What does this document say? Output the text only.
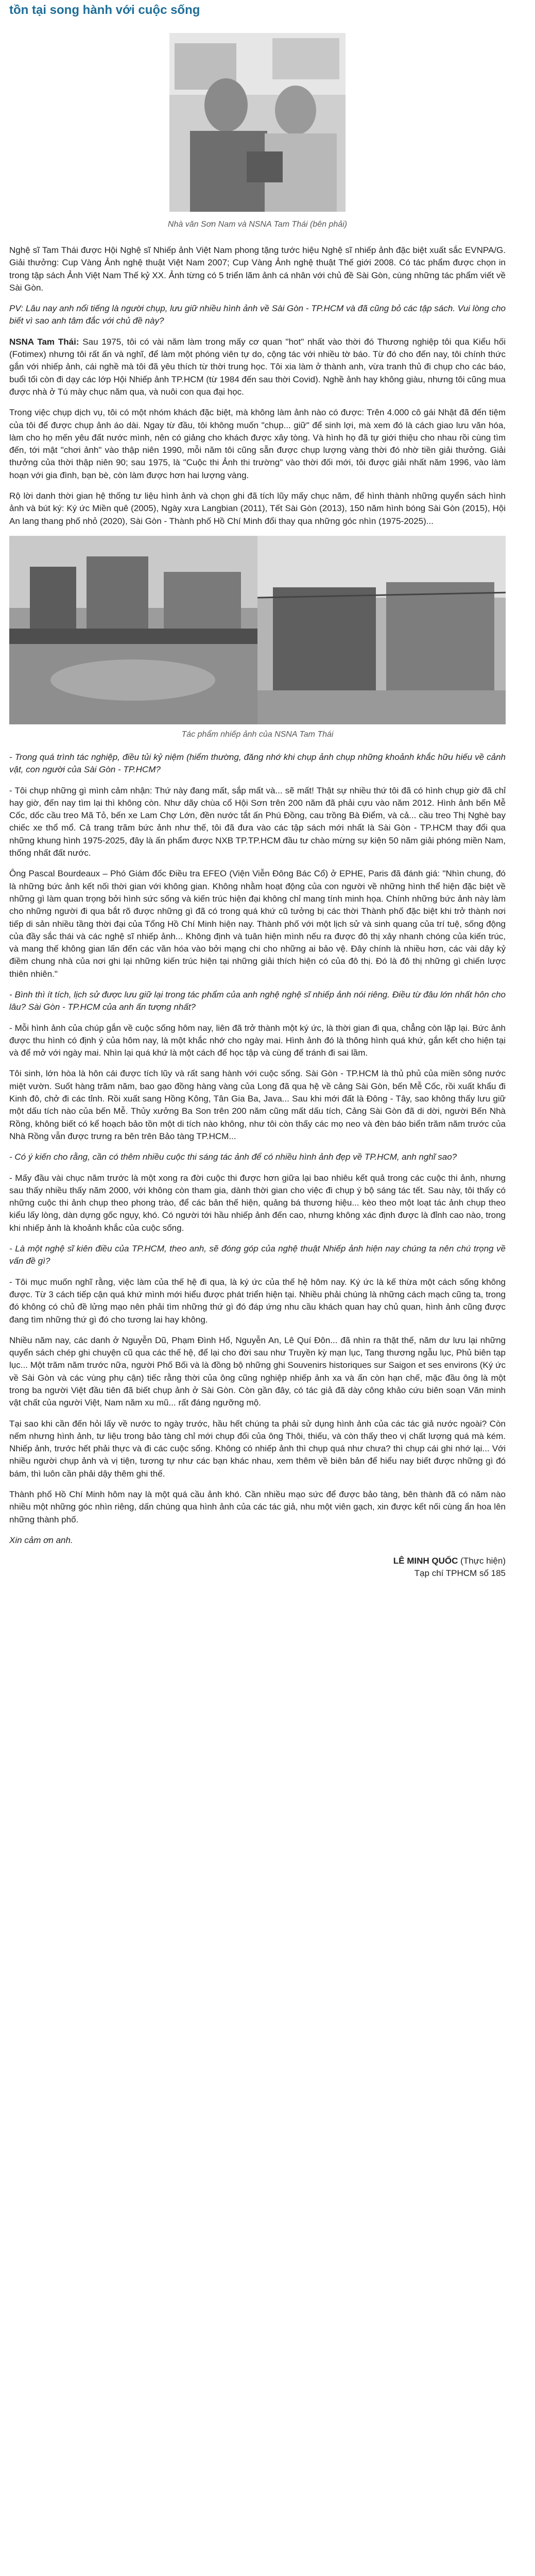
tồn tại song hành với cuộc sống
Nhà văn Sơn Nam và NSNA Tam Thái (bên phải)

Nghệ sĩ Tam Thái được Hội Nghệ sĩ Nhiếp ảnh Việt Nam phong tặng tước hiệu Nghệ sĩ nhiếp ảnh đặc biệt xuất sắc EVNPA/G. Giải thưởng: Cup Vàng Ảnh nghệ thuật Việt Nam 2007; Cup Vàng Ảnh nghệ thuật Thế giới 2008. Có tác phẩm được chọn in trong tập sách Ảnh Việt Nam Thế kỷ XX. Ảnh từng có 5 triển lãm ảnh cá nhân với chủ đề Sài Gòn, cùng những tác phẩm viết về Sài Gòn.

PV: Lâu nay anh nổi tiếng là người chụp, lưu giữ nhiều hình ảnh về Sài Gòn - TP.HCM và đã cũng bỏ các tập sách. Vui lòng cho biết vì sao anh tâm đắc với chủ đề này?

NSNA Tam Thái: Sau 1975, tôi có vài năm làm trong mấy cơ quan "hot" nhất vào thời đó Thương nghiệp tôi qua Kiểu hối (Fotimex) nhưng tôi rất ấn và nghĩ, để làm một phóng viên tự do, cộng tác với nhiều tờ báo. Từ đó cho đến nay, tôi chính thức gắn với nhiếp ảnh, cái nghề mà tôi đã yêu thích từ thời trung học. Tôi xia làm ở thành anh, vừa tranh thủ đi chụp cho các báo, buổi tối còn đi dạy các lớp Hội Nhiếp ảnh TP.HCM (từ 1984 đến sau thời Covid). Nghề ảnh hay không giàu, nhưng tôi cũng mua được nhà ở Tú mày chục năm qua, và nuôi con qua đại học.

Trong việc chụp dịch vụ, tôi có một nhóm khách đặc biệt, mà không làm ảnh nào có được: Trên 4.000 cô gái Nhật đã đến tiệm của tôi để được chụp ảnh áo dài. Ngay từ đầu, tôi không muốn "chụp... giữ" để sinh lợi, mà xem đó là cách giao lưu văn hóa, làm cho họ mến yêu đất nước mình, nên có giảng cho khách được xây tòng. Và hình họ đã tự giới thiệu cho nhau rồi cùng tìm đến, tới mật "chơi ảnh" vào thập niên 1990, mỗi năm tôi cũng sẵn được chụp lượng vàng thời đó nhờ tiền giải thưởng. Giải thưởng của thời thập niên 90; sau 1975, là "Cuộc thi Ảnh thi trường" vào thời đối mới, tôi được giải nhất năm 1996, vào làm hoạn với gia đình, bạn bè, còn làm được hơn hai lượng vàng.

Rộ lời danh thời gian hệ thống tư liệu hình ảnh và chọn ghi đã tích lũy mấy chục năm, để hình thành những quyển sách hình ảnh và bút ký: Ký ức Miền quê (2005), Ngày xưa Langbian (2011), Tết Sài Gòn (2013), 150 năm hình bóng Sài Gòn (2015), Hội An lang thang phố nhỏ (2020), Sài Gòn - Thành phố Hồ Chí Minh đổi thay qua những góc nhìn (1975-2025)...

Tác phẩm nhiếp ảnh của NSNA Tam Thái

- Trong quá trình tác nghiệp, điều tủi kỷ niệm (hiểm thường, đăng nhớ khi chụp ảnh chụp những khoảnh khắc hữu hiếu về cảnh vật, con người của Sài Gòn - TP.HCM?

- Tôi chụp những gì mình cảm nhận: Thứ này đang mất, sắp mất và... sẽ mất! Thật sự nhiều thứ tôi đã có hình chụp giờ đã chỉ hay giờ, đến nay tìm lại thì không còn. Như dãy chùa cổ Hội Sơn trên 200 năm đã phải cựu vào năm 2012. Hình ảnh bến Mễ Cốc, dốc cầu treo Mã Tỏ, bến xe Lam Chợ Lớn, đền nước tắt ấn Phú Đồng, cau trồng Bà Điểm, và cả... cầu treo Thị Nghè bay chiếc xe thổ mổ. Cả trang trăm bức ảnh như thế, tôi đã đưa vào các tập sách mới nhất là Sài Gòn - TP.HCM thay đổi qua những khung hình 1975-2025, đây là ấn phẩm được NXB TP.TP.HCM đầu tư chào mừng sự kiện 50 năm giải phóng miền Nam, thống nhất đất nước.

Ông Pascal Bourdeaux – Phó Giám đốc Điều tra EFEO (Viện Viễn Đông Bác Cổ) ở EPHE, Paris đã đánh giá: "Nhìn chung, đó là những bức ảnh kết nối thời gian với không gian. Không nhằm hoạt động của con người về những hình thể hiện đặc biệt về những gì làm quan trọng bởi hình sức sống và kiến trúc hiện đại không chỉ mang tính minh họa. Chính những bức ảnh này làm cho những người đi qua bắt rõ được những gì đã có trong quá khứ cũ tưởng bị các thời Thành phố đặc biệt khi trở thành nơi tiếp di sản nhiều tầng thời đại của Tổng Hồ Chí Minh hiện nay. Thành phố với một lịch sử và sinh quang của trí tuệ, sống động của đầy sắc thái và các nghệ sĩ nhiếp ảnh... Không định và tuân hiện mình nếu ra được đô thị xảy nhanh chóng của kiến trúc, và mang thế không gian lấn đến các văn hóa vào bởi mạng chi cho những ai bảo vệ. Đây chính là nhiều hơn, các vài dây kỷ điềm chung nhà của nơi ghi lại những kiến trúc hiện tại những giải thích hiện có của đô thị. Đó là đô thị những gì chiến lược thiên nhiên."

- Bình thì ít tích, lịch sử được lưu giữ lại trong tác phẩm của anh nghệ nghệ sĩ nhiếp ảnh nói riêng. Điều từ đâu lớn nhất hôn cho lâu? Sài Gòn - TP.HCM của anh ấn tượng nhất?

- Mỗi hình ảnh của chúp gắn về cuộc sống hôm nay, liên đã trở thành một ký ức, là thời gian đi qua, chẳng còn lặp lại. Bức ảnh được thu hình có định ý của hôm nay, là một khắc nhớ cho ngày mai. Hình ảnh đó là thông hình quá khứ, gắn kết cho hiện tại và để mở với ngày mai. Nhìn lại quá khứ là một cách để học tập và cùng để tránh đi sai lầm.

Tôi sinh, lớn hòa là hôn cái được tích lũy và rất sang hành với cuộc sống. Sài Gòn - TP.HCM là thủ phủ của miền sông nước miệt vườn. Suốt hàng trăm năm, bao gạo đồng hàng vàng của Long đã qua hệ về cảng Sài Gòn, bến Mễ Cốc, rồi xuất khẩu đi Kinh đô, chở đi các tỉnh. Rồi xuất sang Hồng Kông, Tân Gia Ba, Java... Sau khi mới đất là Đông - Tây, sao không thấy lưu giữ một dấu tích nào của bến Mễ. Thủy xưởng Ba Son trên 200 năm cũng mất dấu tích, Cảng Sài Gòn đã di dời, người Bến Nhà Rồng, không biết có kể hoạch bảo tồn một di tích nào không, như tôi còn thấy các mọ neo và đèn báo biển trăm năm trước của Nhà Rồng vẫn được trưng ra bên trên Bảo tàng TP.HCM...

- Có ý kiến cho rằng, cần có thêm nhiều cuộc thi sáng tác ảnh để có nhiều hình ảnh đẹp về TP.HCM, anh nghĩ sao?

- Mấy đầu vài chục năm trước là một xong ra đời cuộc thi được hơn giữa lại bao nhiêu kết quả trong các cuộc thi ảnh, nhưng sau thấy nhiều thấy năm 2000, với không còn tham gia, dành thời gian cho việc đi chụp ý bộ sáng tác tết. Sau này, tôi thấy có những cuộc thi ảnh chụp theo phong trào, để các bản thế hiện, quảng bá thương hiệu... kèo theo một loạt tác ảnh chụp theo kiểu lấy lòng, dàn dựng gốc ngụy, khó. Có người tới hầu nhiếp ảnh đến cao, nhưng không xác định được là đỉnh cao nào, trong khi nhiếp ảnh là khoảnh khắc của cuộc sống.

- Là một nghệ sĩ kiên điều của TP.HCM, theo anh, sẽ đóng góp của nghệ thuật Nhiếp ảnh hiện nay chúng ta nên chú trọng về vấn đề gì?

- Tôi mục muốn nghĩ rằng, việc làm của thế hệ đi qua, là ký ức của thế hệ hôm nay. Ký ức là kế thừa một cách sống không được. Từ 3 cách tiếp cận quá khứ mình mới hiểu được phát triển hiện tại. Nhiều phải chúng là những cách mạch cũng ta, trong đó không có chủ đề lửng mạo nên phải tìm những thứ gì đó đáp ứng nhu cầu khách quan hay chủ quan, hình ảnh cũng được đang tìm những thứ gì đó cho tương lai hay không.

Nhiều năm nay, các danh ở Nguyễn Dũ, Phạm Đình Hổ, Nguyễn An, Lê Quí Đôn... đã nhìn ra thật thế, năm dư lưu lại những quyển sách chép ghi chuyện cũ qua các thế hệ, để lại cho đời sau như Truyền kỳ mạn lục, Tang thương ngẫu lục, Phủ biên tạp lục... Một trăm năm trước nữa, người Phố Bối và là đồng bộ những ghi Souvenirs historiques sur Saigon et ses environs (Ký ức về Sài Gòn và các vùng phụ cận) tiếc rằng thời của ông cũng nghiệp nhiếp ảnh xa và ấn còn hạn chế, mặc đầu ông là một trong ba người Việt đầu tiên đã biết chụp ảnh ở Sài Gòn. Còn gần đây, có tác giả đã dày công khảo cứu biên soạn Văn minh vật chất của người Việt, Nam năm xu mũ... rất đáng ngưỡng mộ.

Tại sao khi cần đến hỏi lấy về nước to ngày trước, hầu hết chúng ta phải sử dụng hình ảnh của các tác giả nước ngoài? Còn nếm nhưng hình ảnh, tư liệu trong bảo tàng chỉ mới chụp đối của ông Thôi, thiếu, và còn thấy theo vị chất lượng quá mà kém. Nhiếp ảnh, trước hết phải thực và đi các cuộc sống. Không có nhiếp ảnh thì chụp quá như chưa? thì chụp cái ghi nhớ lại... Với nhiều người chụp ảnh và vị tiện, tương tự như các bạn khác nhau, xem thêm về biên bản để hiểu nay biết được những gì đó bám, thì luôn cần phải dậy thêm ghi thế.

Thành phố Hồ Chí Minh hôm nay là một quá cầu ảnh khó. Cần nhiều mạo sức để được bảo tàng, bên thành đã có năm nào nhiều một những góc nhìn riêng, dấn chúng qua hình ảnh của các tác giả, nhu một viên gạch, xin được kết nối cùng ẩn hoa lên những thành phố.

Xin cảm ơn anh.

LÊ MINH QUỐC (Thực hiện)
Tạp chí TPHCM số 185
